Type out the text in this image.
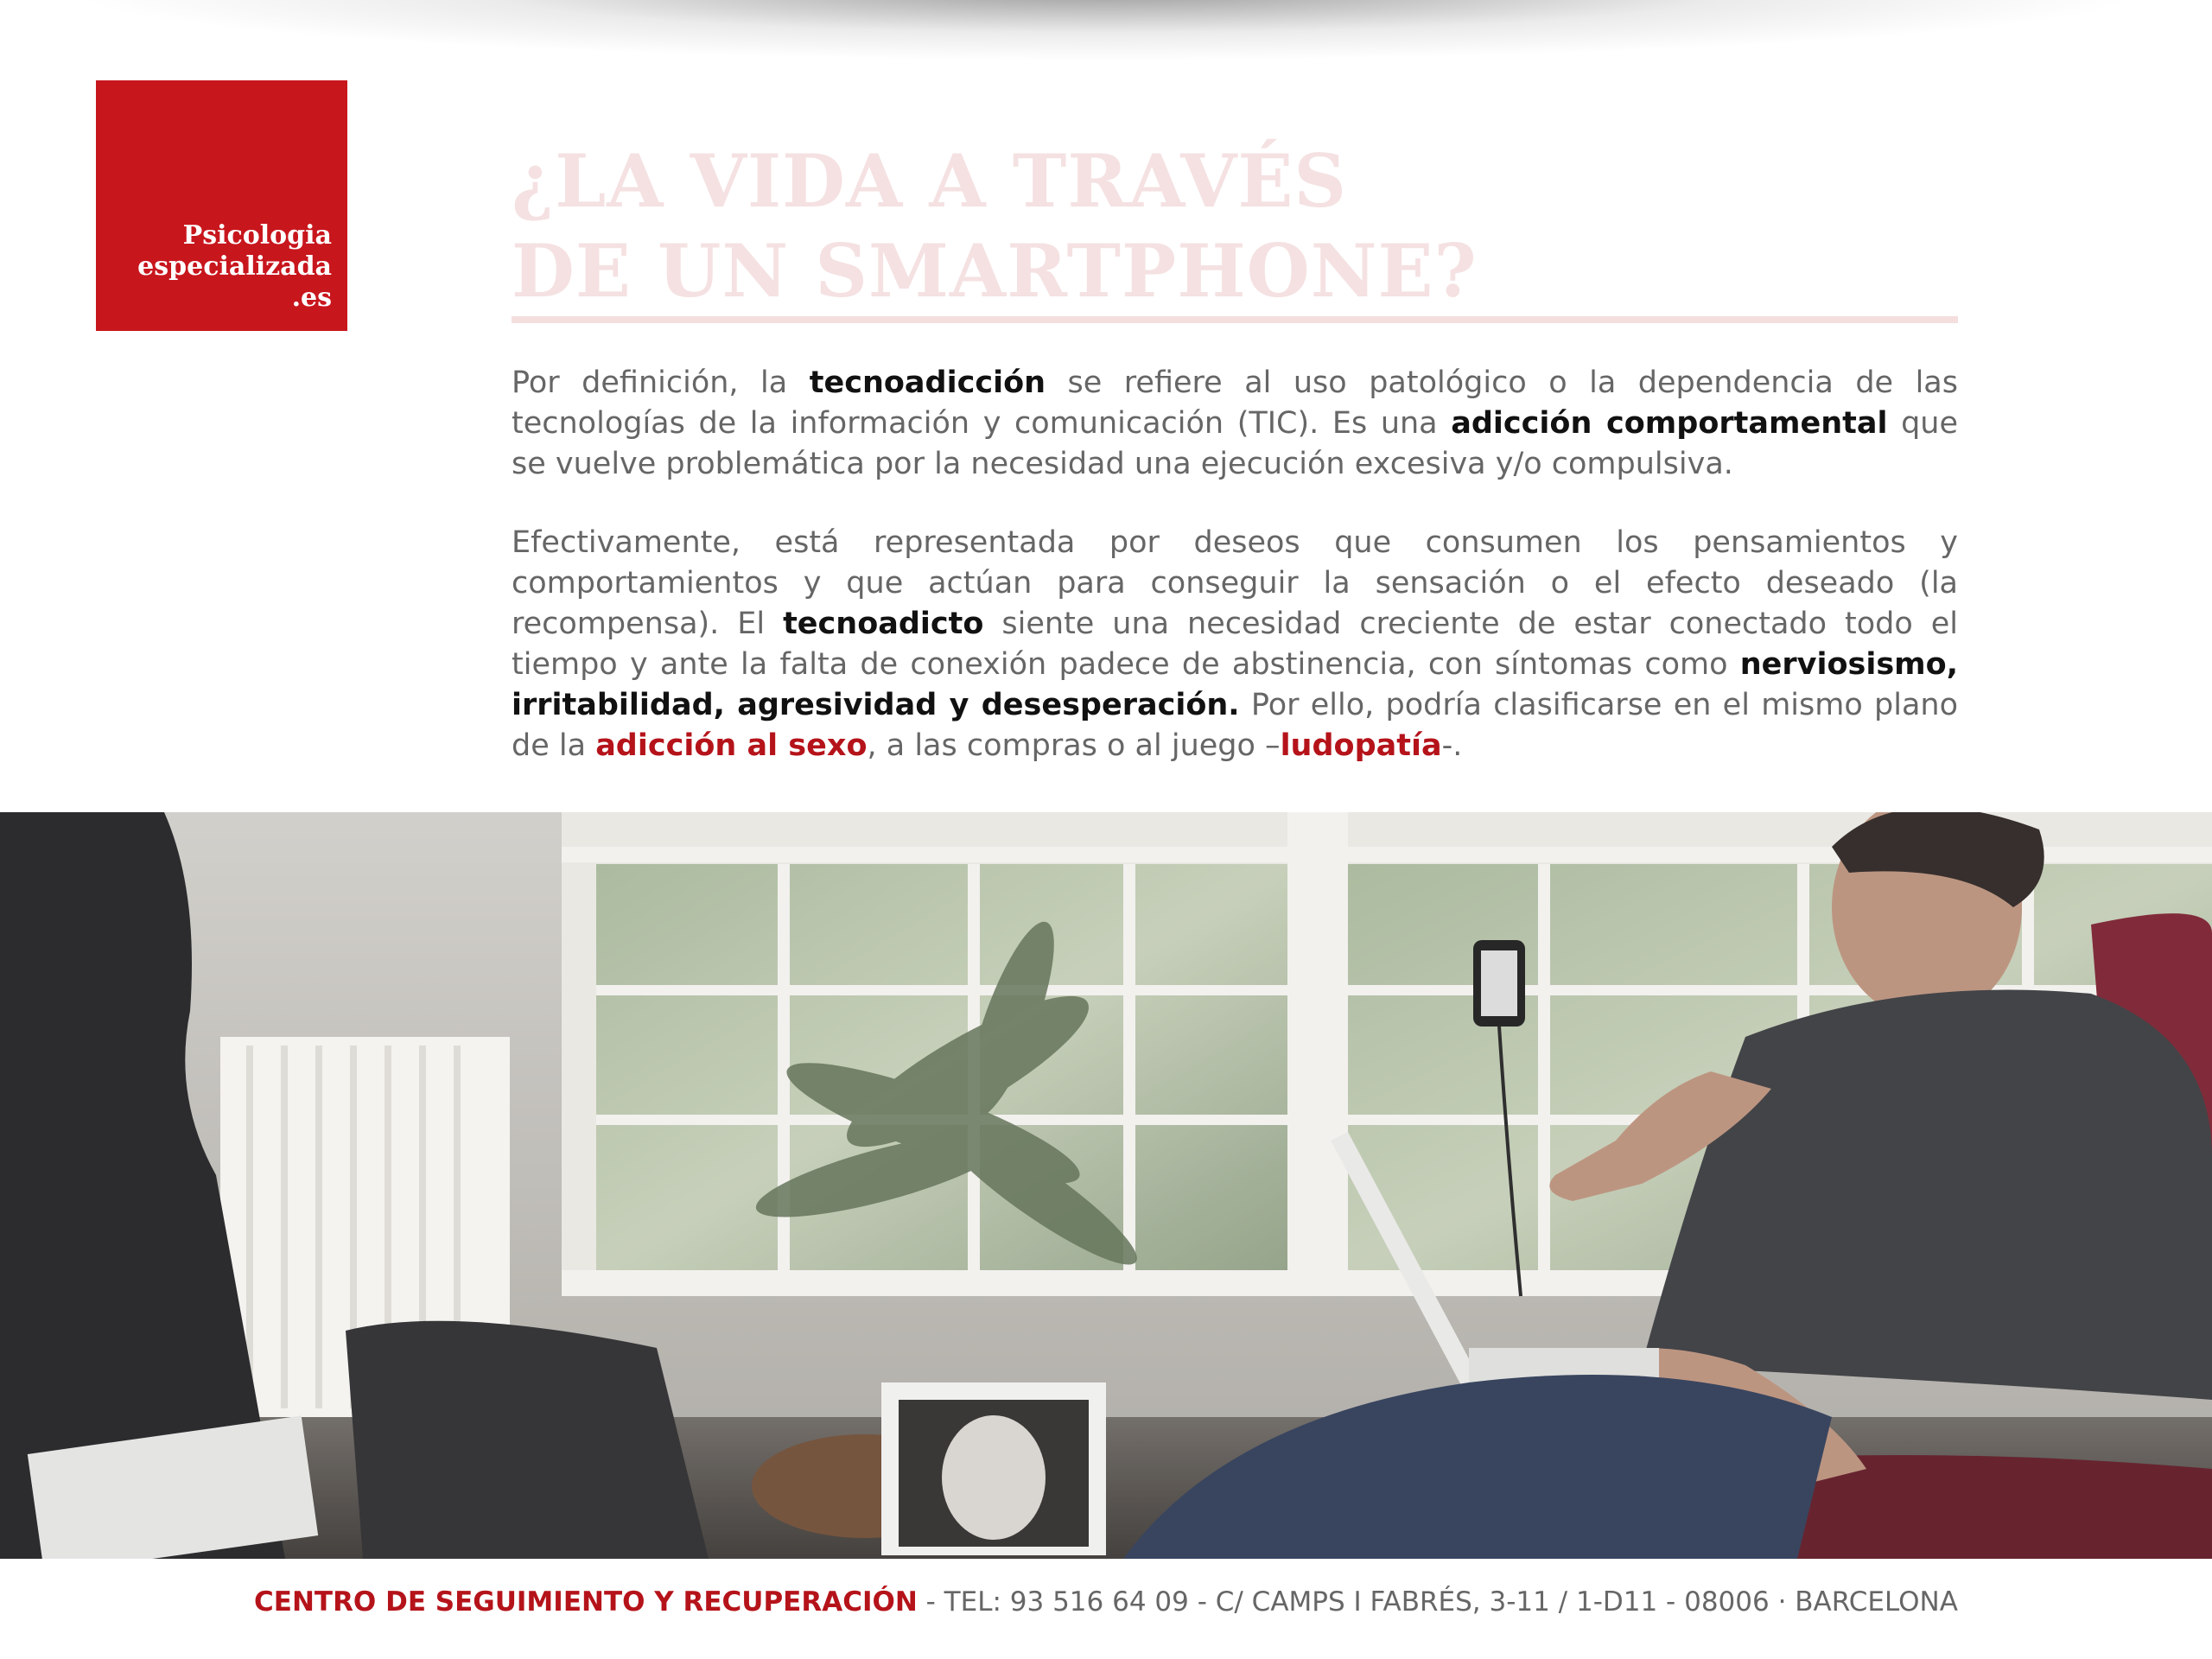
Psicologia
especializada
.es
¿LA VIDA A TRAVÉS
DE UN SMARTPHONE?

Por definición, la tecnoadicción se refiere al uso patológico o la dependencia de las tecnologías de la información y comunicación (TIC). Es una adicción comportamental que se vuelve problemática por la necesidad una ejecución excesiva y/o compulsiva.

Efectivamente, está representada por deseos que consumen los pensamientos y comportamientos y que actúan para conseguir la sensación o el efecto deseado (la recompensa). El tecnoadicto siente una necesidad creciente de estar conectado todo el tiempo y ante la falta de conexión padece de abstinencia, con síntomas como nerviosismo, irritabilidad, agresividad y desesperación. Por ello, podría clasificarse en el mismo plano de la adicción al sexo, a las compras o al juego –ludopatía-.

CENTRO DE SEGUIMIENTO Y RECUPERACIÓN - TEL: 93 516 64 09 - C/ CAMPS I FABRÉS, 3-11 / 1-D11 - 08006 · BARCELONA
